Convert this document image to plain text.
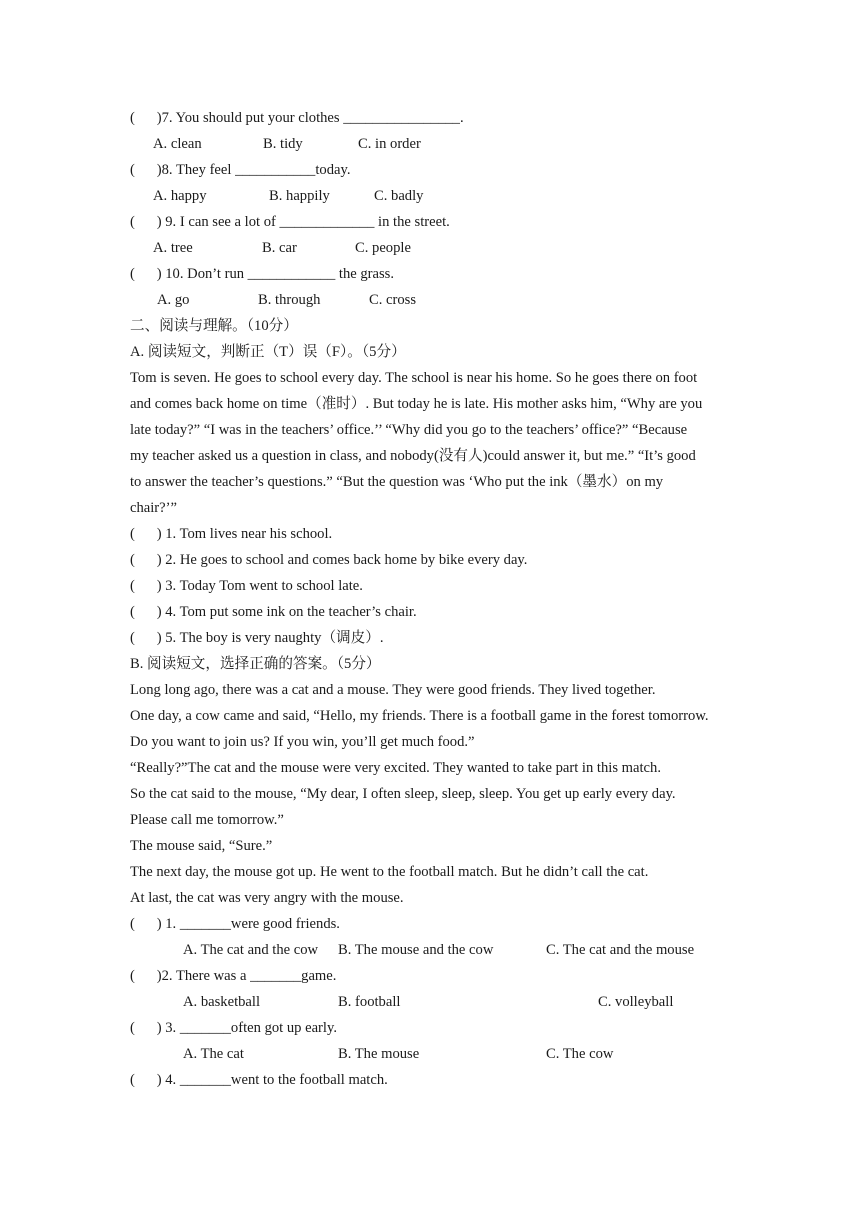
(      )7. You should put your clothes ________________.
A. clean	B. tidy	C. in order
(      )8. They feel ___________today.
A. happy	B. happily	C. badly
(      ) 9. I can see a lot of _____________ in the street.
A. tree	B. car	C. people
(      ) 10. Don’t run ____________ the grass.
A. go	B. through	C. cross
二、阅读与理解。（10分）
A. 阅读短文，判断正（T）误（F）。（5分）
Tom is seven. He goes to school every day. The school is near his home. So he goes there on foot
and comes back home on time（准时）. But today he is late. His mother asks him, “Why are you
late today?” “I was in the teachers’ office.’’ “Why did you go to the teachers’ office?” “Because
my teacher asked us a question in class, and nobody(没有人)could answer it, but me.” “It’s good
to answer the teacher’s questions.” “But the question was ‘Who put the ink（墨水）on my
chair?’”
(      ) 1. Tom lives near his school.
(      ) 2. He goes to school and comes back home by bike every day.
(      ) 3. Today Tom went to school late.
(      ) 4. Tom put some ink on the teacher’s chair.
(      ) 5. The boy is very naughty（调皮）.
B. 阅读短文，选择正确的答案。（5分）
Long long ago, there was a cat and a mouse. They were good friends. They lived together.
One day, a cow came and said, “Hello, my friends. There is a football game in the forest tomorrow.
Do you want to join us? If you win, you’ll get much food.”
“Really?”The cat and the mouse were very excited. They wanted to take part in this match.
So the cat said to the mouse, “My dear, I often sleep, sleep, sleep. You get up early every day.
Please call me tomorrow.”
The mouse said, “Sure.”
The next day, the mouse got up. He went to the football match. But he didn’t call the cat.
At last, the cat was very angry with the mouse.
(      ) 1. _______were good friends.
A. The cat and the cow B. The mouse and the cow	C. The cat and the mouse
(      )2. There was a _______game.
A. basketball	B. football	C. volleyball
(      ) 3. _______often got up early.
A. The cat	B. The mouse	C. The cow
(      ) 4. _______went to the football match.
